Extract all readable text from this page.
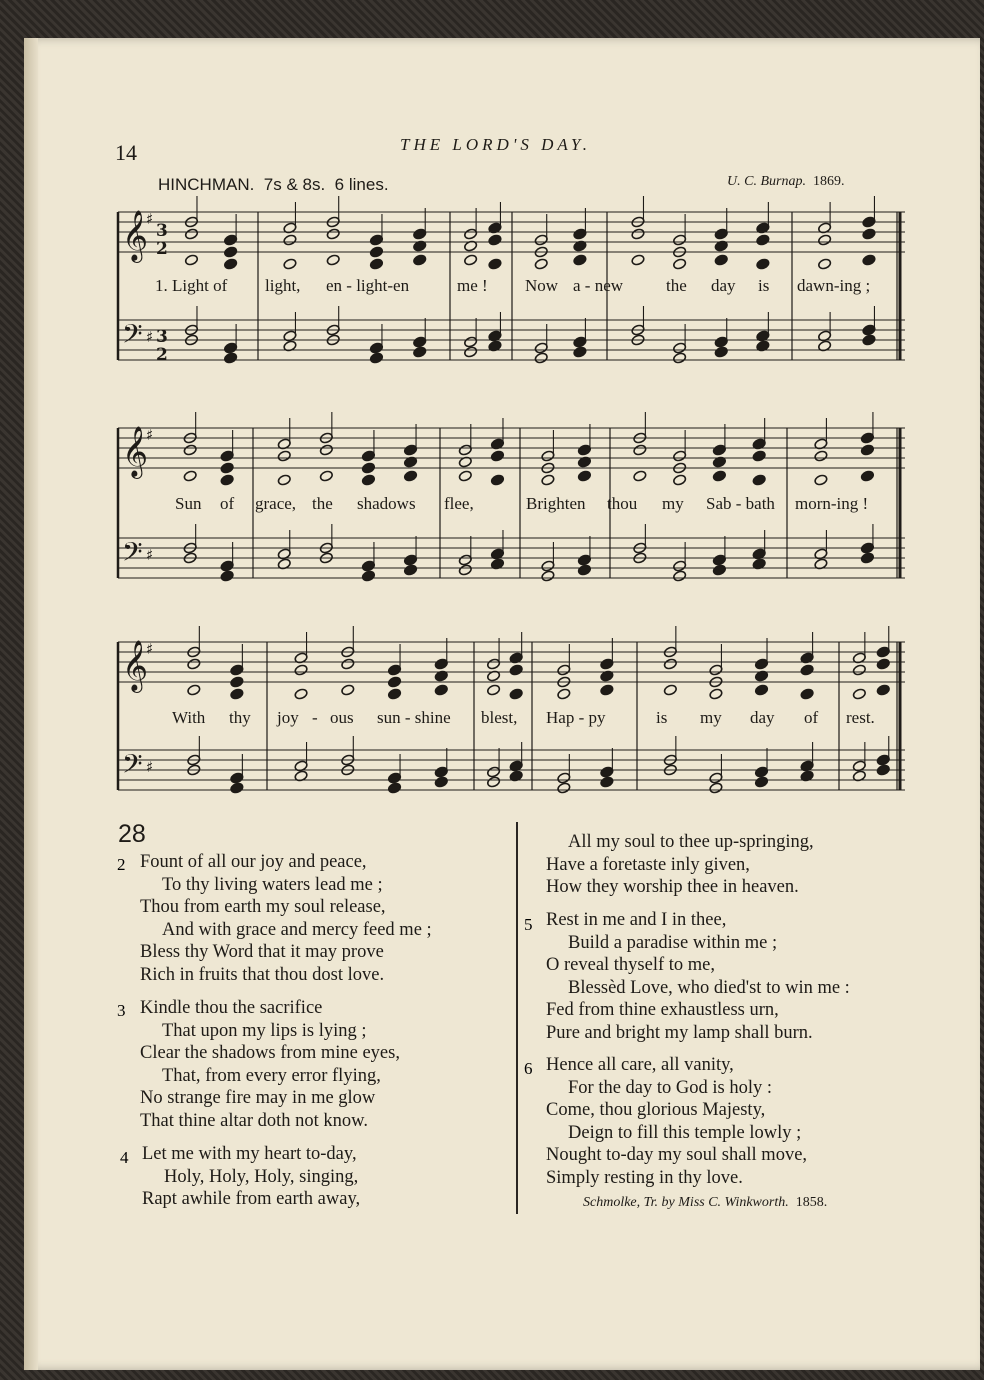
14	THE LORD'S DAY.
HINCHMAN. 7s & 8s. 6 lines.	U. C. Burnap. 1869.
𝄞
𝄢
♯
♯
𝄞
𝄢
♯
♯
𝄞
𝄢
♯
♯
3
2
3
2
1. Light of light, en - light-en	me ! Now a - new	the day is dawn-ing ;
Sun of grace, the shadows flee,	Brighten thou my Sab - bath morn-ing !
With thy joy - ous sun - shine blest, Hap - py	is my day of rest.
28
2 Fount of all our joy and peace,
To thy living waters lead me ;
Thou from earth my soul release,
And with grace and mercy feed me ;
Bless thy Word that it may prove
Rich in fruits that thou dost love.
3 Kindle thou the sacrifice
That upon my lips is lying ;
Clear the shadows from mine eyes,
That, from every error flying,
No strange fire may in me glow
That thine altar doth not know.
4 Let me with my heart to-day,
Holy, Holy, Holy, singing,
Rapt awhile from earth away,
All my soul to thee up-springing,
Have a foretaste inly given,
How they worship thee in heaven.
5 Rest in me and I in thee,
Build a paradise within me ;
O reveal thyself to me,
Blessèd Love, who died'st to win me :
Fed from thine exhaustless urn,
Pure and bright my lamp shall burn.
6 Hence all care, all vanity,
For the day to God is holy :
Come, thou glorious Majesty,
Deign to fill this temple lowly ;
Nought to-day my soul shall move,
Simply resting in thy love.
Schmolke, Tr. by Miss C. Winkworth. 1858.
